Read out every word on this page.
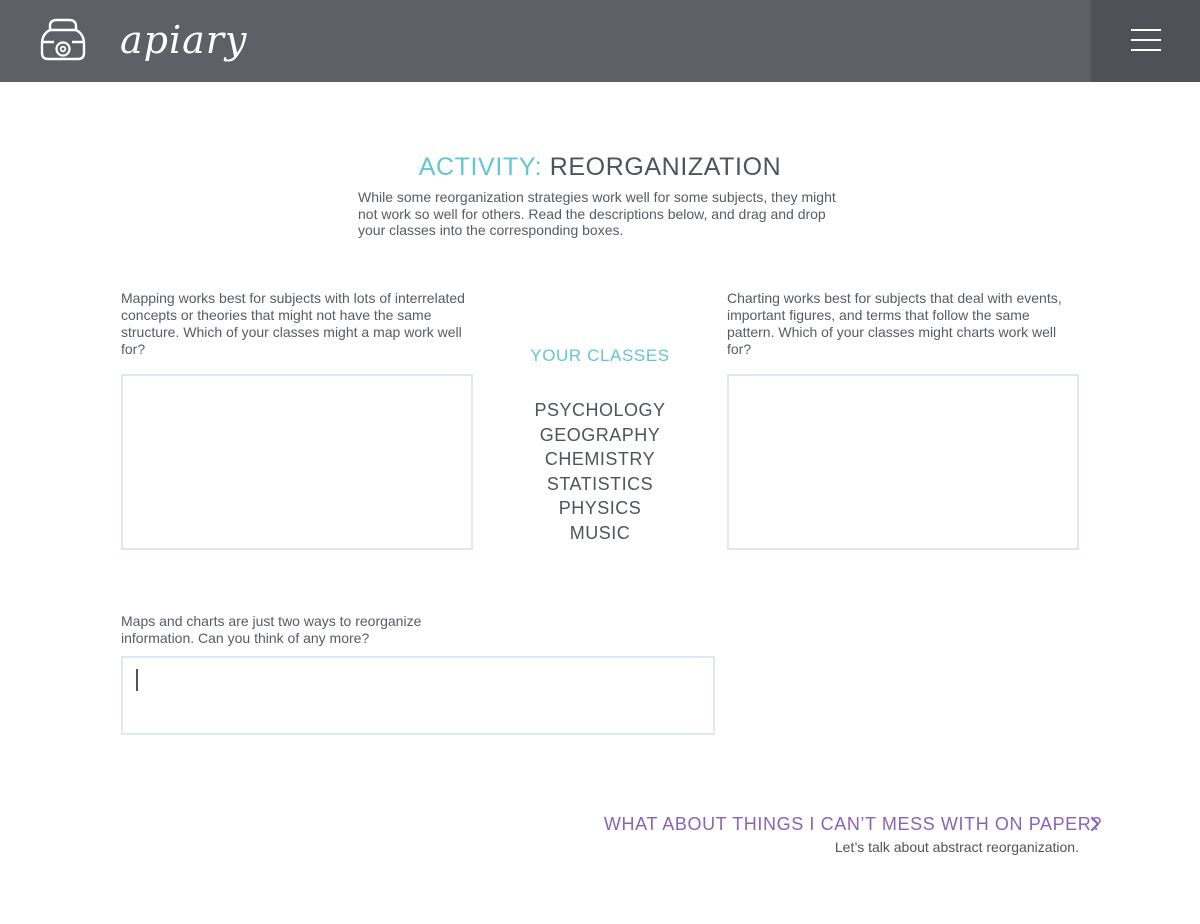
apiary
ACTIVITY: REORGANIZATION

While some reorganization strategies work well for some subjects, they might not work so well for others. Read the descriptions below, and drag and drop your classes into the corresponding boxes.

Mapping works best for subjects with lots of interrelated concepts or theories that might not have the same structure. Which of your classes might a map work well for?	YOUR CLASSES
PSYCHOLOGY
GEOGRAPHY
CHEMISTRY
STATISTICS
PHYSICS
MUSIC

Charting works best for subjects that deal with events, important figures, and terms that follow the same pattern. Which of your classes might charts work well for?

Maps and charts are just two ways to reorganize information. Can you think of any more?

WHAT ABOUT THINGS I CAN’T MESS WITH ON PAPER?
Let’s talk about abstract reorganization.
